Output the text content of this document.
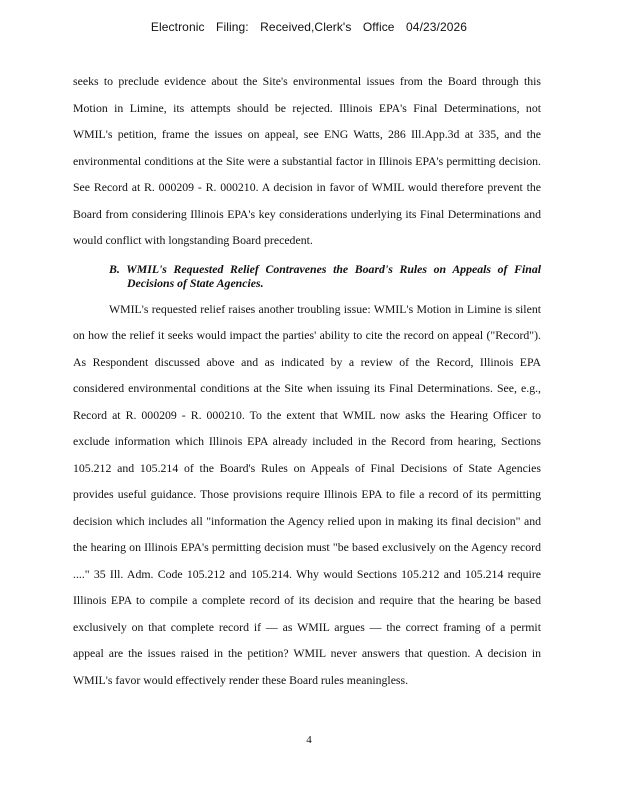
Electronic Filing: Received,Clerk's Office 04/23/2026

seeks to preclude evidence about the Site's environmental issues from the Board through this Motion in Limine, its attempts should be rejected. Illinois EPA's Final Determinations, not WMIL's petition, frame the issues on appeal, see ENG Watts, 286 Ill.App.3d at 335, and the environmental conditions at the Site were a substantial factor in Illinois EPA's permitting decision. See Record at R. 000209 - R. 000210. A decision in favor of WMIL would therefore prevent the Board from considering Illinois EPA's key considerations underlying its Final Determinations and would conflict with longstanding Board precedent.

B. WMIL's Requested Relief Contravenes the Board's Rules on Appeals of Final Decisions of State Agencies.

WMIL's requested relief raises another troubling issue: WMIL's Motion in Limine is silent on how the relief it seeks would impact the parties' ability to cite the record on appeal ("Record"). As Respondent discussed above and as indicated by a review of the Record, Illinois EPA considered environmental conditions at the Site when issuing its Final Determinations. See, e.g., Record at R. 000209 - R. 000210. To the extent that WMIL now asks the Hearing Officer to exclude information which Illinois EPA already included in the Record from hearing, Sections 105.212 and 105.214 of the Board's Rules on Appeals of Final Decisions of State Agencies provides useful guidance. Those provisions require Illinois EPA to file a record of its permitting decision which includes all "information the Agency relied upon in making its final decision" and the hearing on Illinois EPA's permitting decision must "be based exclusively on the Agency record ...." 35 Ill. Adm. Code 105.212 and 105.214. Why would Sections 105.212 and 105.214 require Illinois EPA to compile a complete record of its decision and require that the hearing be based exclusively on that complete record if — as WMIL argues — the correct framing of a permit appeal are the issues raised in the petition? WMIL never answers that question. A decision in WMIL's favor would effectively render these Board rules meaningless.

4
